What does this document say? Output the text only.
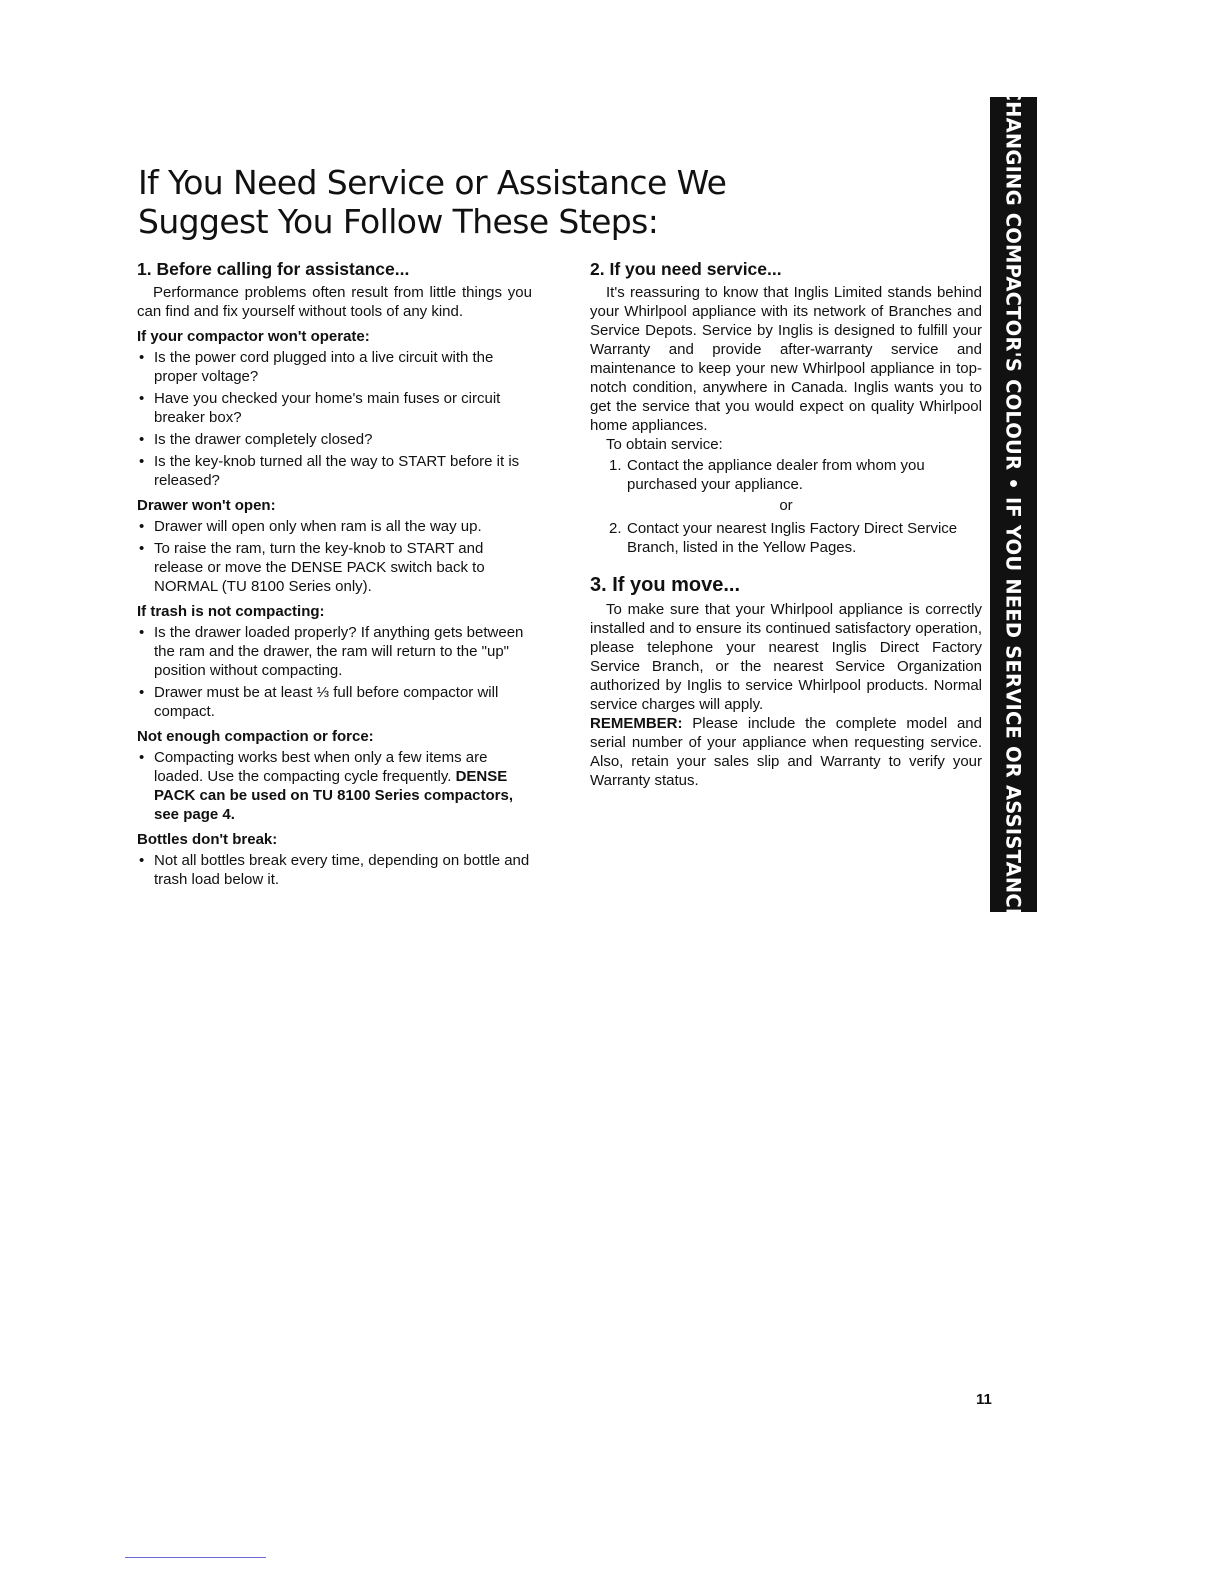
If You Need Service or Assistance We
Suggest You Follow These Steps:
1. Before calling for assistance...

Performance problems often result from little things you can find and fix yourself without tools of any kind.

If your compactor won't operate:
• Is the power cord plugged into a live circuit with the proper voltage?
• Have you checked your home's main fuses or circuit breaker box?
• Is the drawer completely closed?
• Is the key-knob turned all the way to START before it is released?
Drawer won't open:
• Drawer will open only when ram is all the way up.
• To raise the ram, turn the key-knob to START and release or move the DENSE PACK switch back to NORMAL (TU 8100 Series only).
If trash is not compacting:
• Is the drawer loaded properly? If anything gets between the ram and the drawer, the ram will return to the "up" position without compacting.
• Drawer must be at least ⅓ full before compactor will compact.
Not enough compaction or force:
• Compacting works best when only a few items are loaded. Use the compacting cycle frequently. DENSE PACK can be used on TU 8100 Series compactors, see page 4.
Bottles don't break:
• Not all bottles break every time, depending on bottle and trash load below it.
2. If you need service...

It's reassuring to know that Inglis Limited stands behind your Whirlpool appliance with its network of Branches and Service Depots. Service by Inglis is designed to fulfill your Warranty and provide after-warranty service and maintenance to keep your new Whirlpool appliance in top-notch condition, anywhere in Canada. Inglis wants you to get the service that you would expect on quality Whirlpool home appliances.

To obtain service:

1. Contact the appliance dealer from whom you purchased your appliance.
or
2. Contact your nearest Inglis Factory Direct Service Branch, listed in the Yellow Pages.
3. If you move...

To make sure that your Whirlpool appliance is correctly installed and to ensure its continued satisfactory operation, please telephone your nearest Inglis Direct Factory Service Branch, or the nearest Service Organization authorized by Inglis to service Whirlpool products. Normal service charges will apply.

REMEMBER: Please include the complete model and serial number of your appliance when requesting service. Also, retain your sales slip and Warranty to verify your Warranty status.	CHANGING COMPACTOR'S COLOUR • IF YOU NEED SERVICE OR ASSISTANCE
11
